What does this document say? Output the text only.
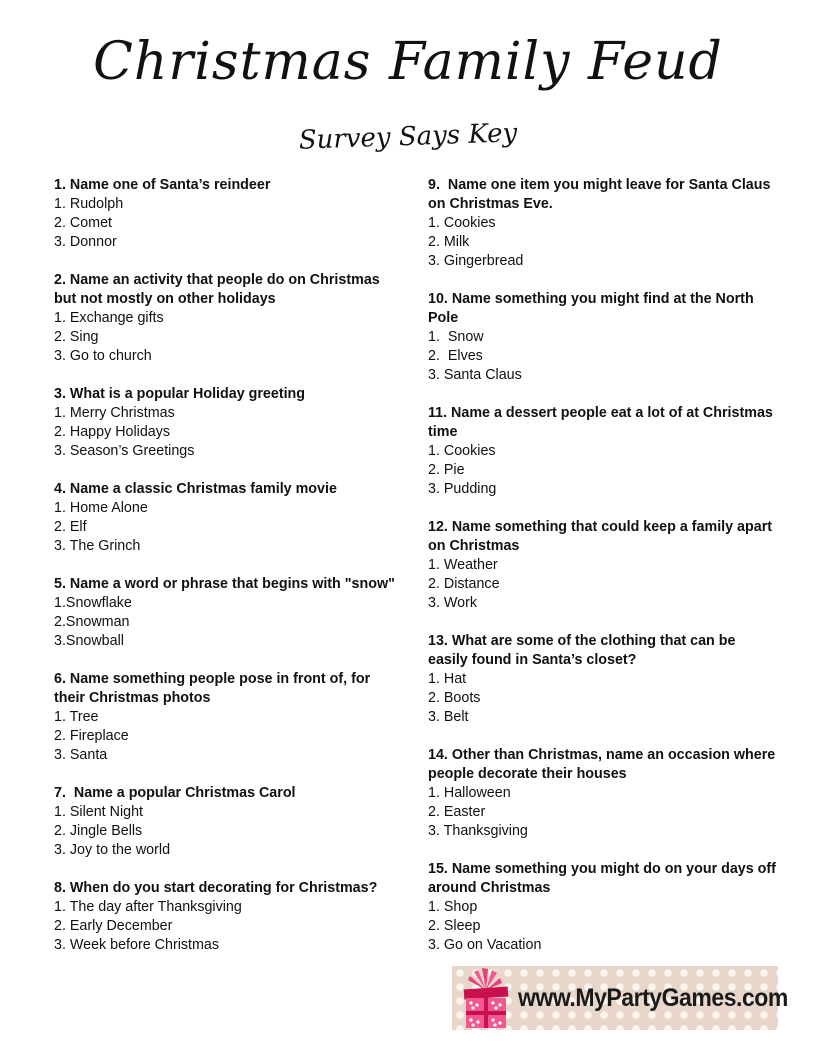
Christmas Family Feud
Survey Says Key
1. Name one of Santa’s reindeer
1. Rudolph
2. Comet
3. Donnor
2. Name an activity that people do on Christmas but not mostly on other holidays
1. Exchange gifts
2. Sing
3. Go to church
3. What is a popular Holiday greeting
1. Merry Christmas
2. Happy Holidays
3. Season’s Greetings
4. Name a classic Christmas family movie
1. Home Alone
2. Elf
3. The Grinch
5. Name a word or phrase that begins with "snow"
1.Snowflake
2.Snowman
3.Snowball
6. Name something people pose in front of, for their Christmas photos
1. Tree
2. Fireplace
3. Santa
7.  Name a popular Christmas Carol
1. Silent Night
2. Jingle Bells
3. Joy to the world
8. When do you start decorating for Christmas?
1. The day after Thanksgiving
2. Early December
3. Week before Christmas
9.  Name one item you might leave for Santa Claus on Christmas Eve.
1. Cookies
2. Milk
3. Gingerbread
10. Name something you might find at the North Pole
1.  Snow
2.  Elves
3. Santa Claus
11. Name a dessert people eat a lot of at Christmas time
1. Cookies
2. Pie
3. Pudding
12. Name something that could keep a family apart on Christmas
1. Weather
2. Distance
3. Work
13. What are some of the clothing that can be easily found in Santa’s closet?
1. Hat
2. Boots
3. Belt
14. Other than Christmas, name an occasion where people decorate their houses
1. Halloween
2. Easter
3. Thanksgiving
15. Name something you might do on your days off around Christmas
1. Shop
2. Sleep
3. Go on Vacation
www.MyPartyGames.com
